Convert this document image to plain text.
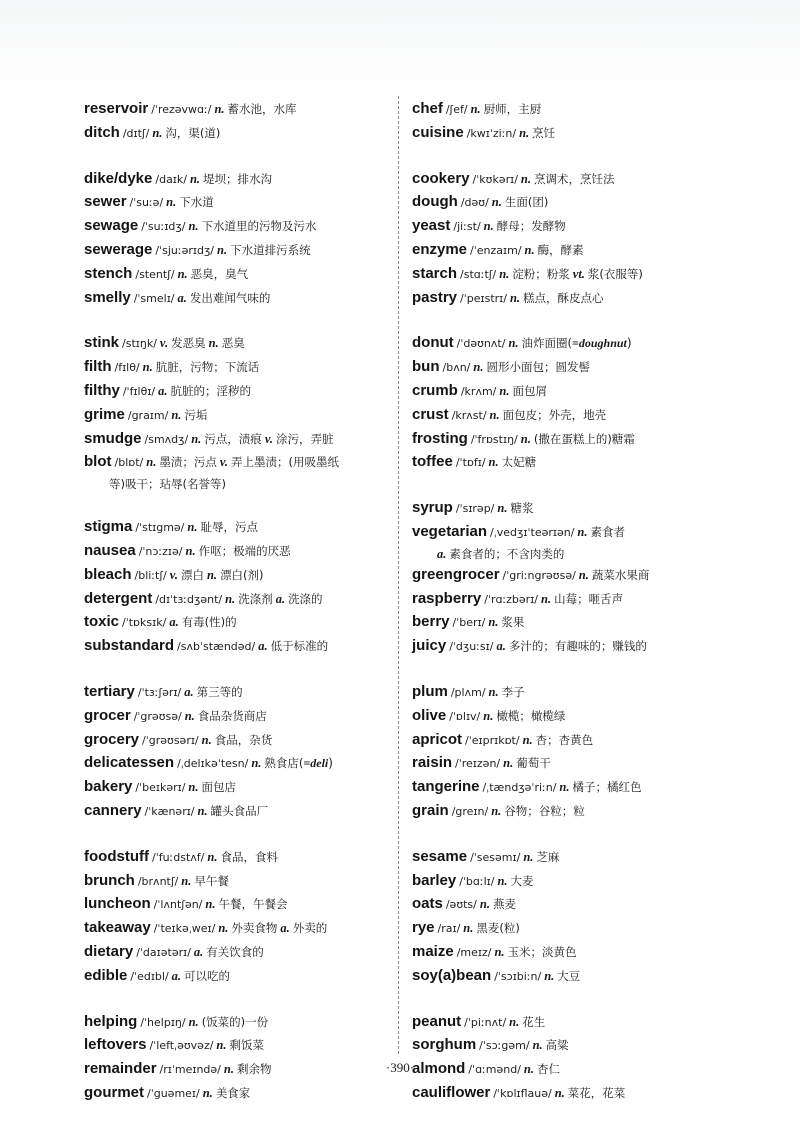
reservoir /ˈrezəvwɑː/ n. 蓄水池，水库
ditch /dɪtʃ/ n. 沟，渠(道)
dike/dyke /daɪk/ n. 堤坝；排水沟
sewer /ˈsuːə/ n. 下水道
sewage /ˈsuːɪdʒ/ n. 下水道里的污物及污水
sewerage /ˈsjuːərɪdʒ/ n. 下水道排污系统
stench /stentʃ/ n. 恶臭，臭气
smelly /ˈsmelɪ/ a. 发出难闻气味的
stink /stɪŋk/ v. 发恶臭 n. 恶臭
filth /fɪlθ/ n. 肮脏，污物；下流话
filthy /ˈfɪlθɪ/ a. 肮脏的；淫秽的
grime /graɪm/ n. 污垢
smudge /smʌdʒ/ n. 污点，渍痕 v. 涂污，弄脏
blot /blɒt/ n. 墨渍；污点 v. 弄上墨渍；(用吸墨纸
等)吸干；玷辱(名誉等)
stigma /ˈstɪgmə/ n. 耻辱，污点
nausea /ˈnɔːzɪə/ n. 作呕；极端的厌恶
bleach /bliːtʃ/ v. 漂白 n. 漂白(剂)
detergent /dɪˈtɜːdʒənt/ n. 洗涤剂 a. 洗涤的
toxic /ˈtɒksɪk/ a. 有毒(性)的
substandard /sʌbˈstændəd/ a. 低于标准的
tertiary /ˈtɜːʃərɪ/ a. 第三等的
grocer /ˈgrəʊsə/ n. 食品杂货商店
grocery /ˈgrəʊsərɪ/ n. 食品，杂货
delicatessen /ˌdelɪkəˈtesn/ n. 熟食店(=deli)
bakery /ˈbeɪkərɪ/ n. 面包店
cannery /ˈkænərɪ/ n. 罐头食品厂
foodstuff /ˈfuːdstʌf/ n. 食品，食料
brunch /brʌntʃ/ n. 早午餐
luncheon /ˈlʌntʃən/ n. 午餐，午餐会
takeaway /ˈteɪkəˌweɪ/ n. 外卖食物 a. 外卖的
dietary /ˈdaɪətərɪ/ a. 有关饮食的
edible /ˈedɪbl/ a. 可以吃的
helping /ˈhelpɪŋ/ n. (饭菜的)一份
leftovers /ˈleftˌəʊvəz/ n. 剩饭菜
remainder /rɪˈmeɪndə/ n. 剩余物
gourmet /ˈguəmeɪ/ n. 美食家
chef /ʃef/ n. 厨师，主厨
cuisine /kwɪˈziːn/ n. 烹饪
cookery /ˈkʊkərɪ/ n. 烹调术，烹饪法
dough /dəʊ/ n. 生面(团)
yeast /jiːst/ n. 酵母；发酵物
enzyme /ˈenzaɪm/ n. 酶，酵素
starch /stɑːtʃ/ n. 淀粉；粉浆 vt. 浆(衣服等)
pastry /ˈpeɪstrɪ/ n. 糕点，酥皮点心
donut /ˈdəʊnʌt/ n. 油炸面圈(=doughnut)
bun /bʌn/ n. 圆形小面包；圆发髻
crumb /krʌm/ n. 面包屑
crust /krʌst/ n. 面包皮；外壳，地壳
frosting /ˈfrɒstɪŋ/ n. (撒在蛋糕上的)糖霜
toffee /ˈtɒfɪ/ n. 太妃糖
syrup /ˈsɪrəp/ n. 糖浆
vegetarian /ˌvedʒɪˈteərɪən/ n. 素食者
a. 素食者的；不含肉类的
greengrocer /ˈgriːngrəʊsə/ n. 蔬菜水果商
raspberry /ˈrɑːzbərɪ/ n. 山莓；咂舌声
berry /ˈberɪ/ n. 浆果
juicy /ˈdʒuːsɪ/ a. 多汁的；有趣味的；赚钱的
plum /plʌm/ n. 李子
olive /ˈɒlɪv/ n. 橄榄；橄榄绿
apricot /ˈeɪprɪkɒt/ n. 杏；杏黄色
raisin /ˈreɪzən/ n. 葡萄干
tangerine /ˌtændʒəˈriːn/ n. 橘子；橘红色
grain /greɪn/ n. 谷物；谷粒；粒
sesame /ˈsesəmɪ/ n. 芝麻
barley /ˈbɑːlɪ/ n. 大麦
oats /əʊts/ n. 燕麦
rye /raɪ/ n. 黑麦(粒)
maize /meɪz/ n. 玉米；淡黄色
soy(a)bean /ˈsɔɪbiːn/ n. 大豆
peanut /ˈpiːnʌt/ n. 花生
sorghum /ˈsɔːgəm/ n. 高粱
almond /ˈɑːmənd/ n. 杏仁
cauliflower /ˈkɒlɪflauə/ n. 菜花，花菜
·390·
